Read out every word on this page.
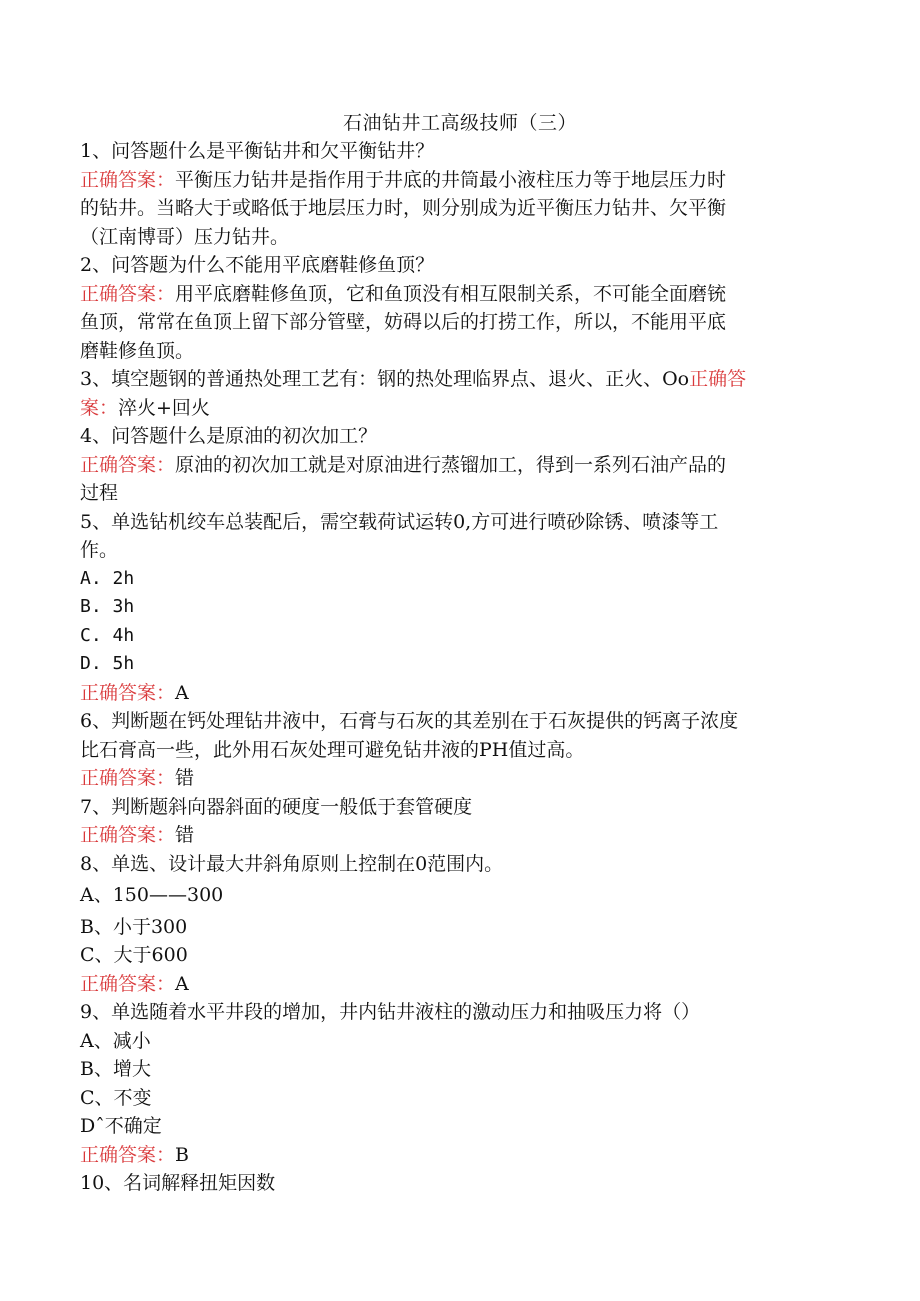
石油钻井工高级技师（三）
1、问答题什么是平衡钻井和欠平衡钻井？
正确答案：平衡压力钻井是指作用于井底的井筒最小液柱压力等于地层压力时
的钻井。当略大于或略低于地层压力时，则分别成为近平衡压力钻井、欠平衡
（江南博哥）压力钻井。
2、问答题为什么不能用平底磨鞋修鱼顶？
正确答案：用平底磨鞋修鱼顶，它和鱼顶没有相互限制关系，不可能全面磨铳
鱼顶，常常在鱼顶上留下部分管壁，妨碍以后的打捞工作，所以，不能用平底
磨鞋修鱼顶。
3、填空题钢的普通热处理工艺有：钢的热处理临界点、退火、正火、Oo正确答
案：淬火+回火
4、问答题什么是原油的初次加工？
正确答案：原油的初次加工就是对原油进行蒸镏加工，得到一系列石油产品的
过程
5、单选钻机绞车总装配后，需空载荷试运转0,方可进行喷砂除锈、喷漆等工
作。
A. 2h
B. 3h
C. 4h
D. 5h
正确答案：A
6、判断题在钙处理钻井液中，石膏与石灰的其差别在于石灰提供的钙离子浓度
比石膏高一些，此外用石灰处理可避免钻井液的PH值过高。
正确答案：错
7、判断题斜向器斜面的硬度一般低于套管硬度
正确答案：错
8、单选、设计最大井斜角原则上控制在0范围内。
A、150——300
B、小于300
C、大于600
正确答案：A
9、单选随着水平井段的增加，井内钻井液柱的激动压力和抽吸压力将（）
A、减小
B、增大
C、不变
Dˆ不确定
正确答案：B
10、名词解释扭矩因数
